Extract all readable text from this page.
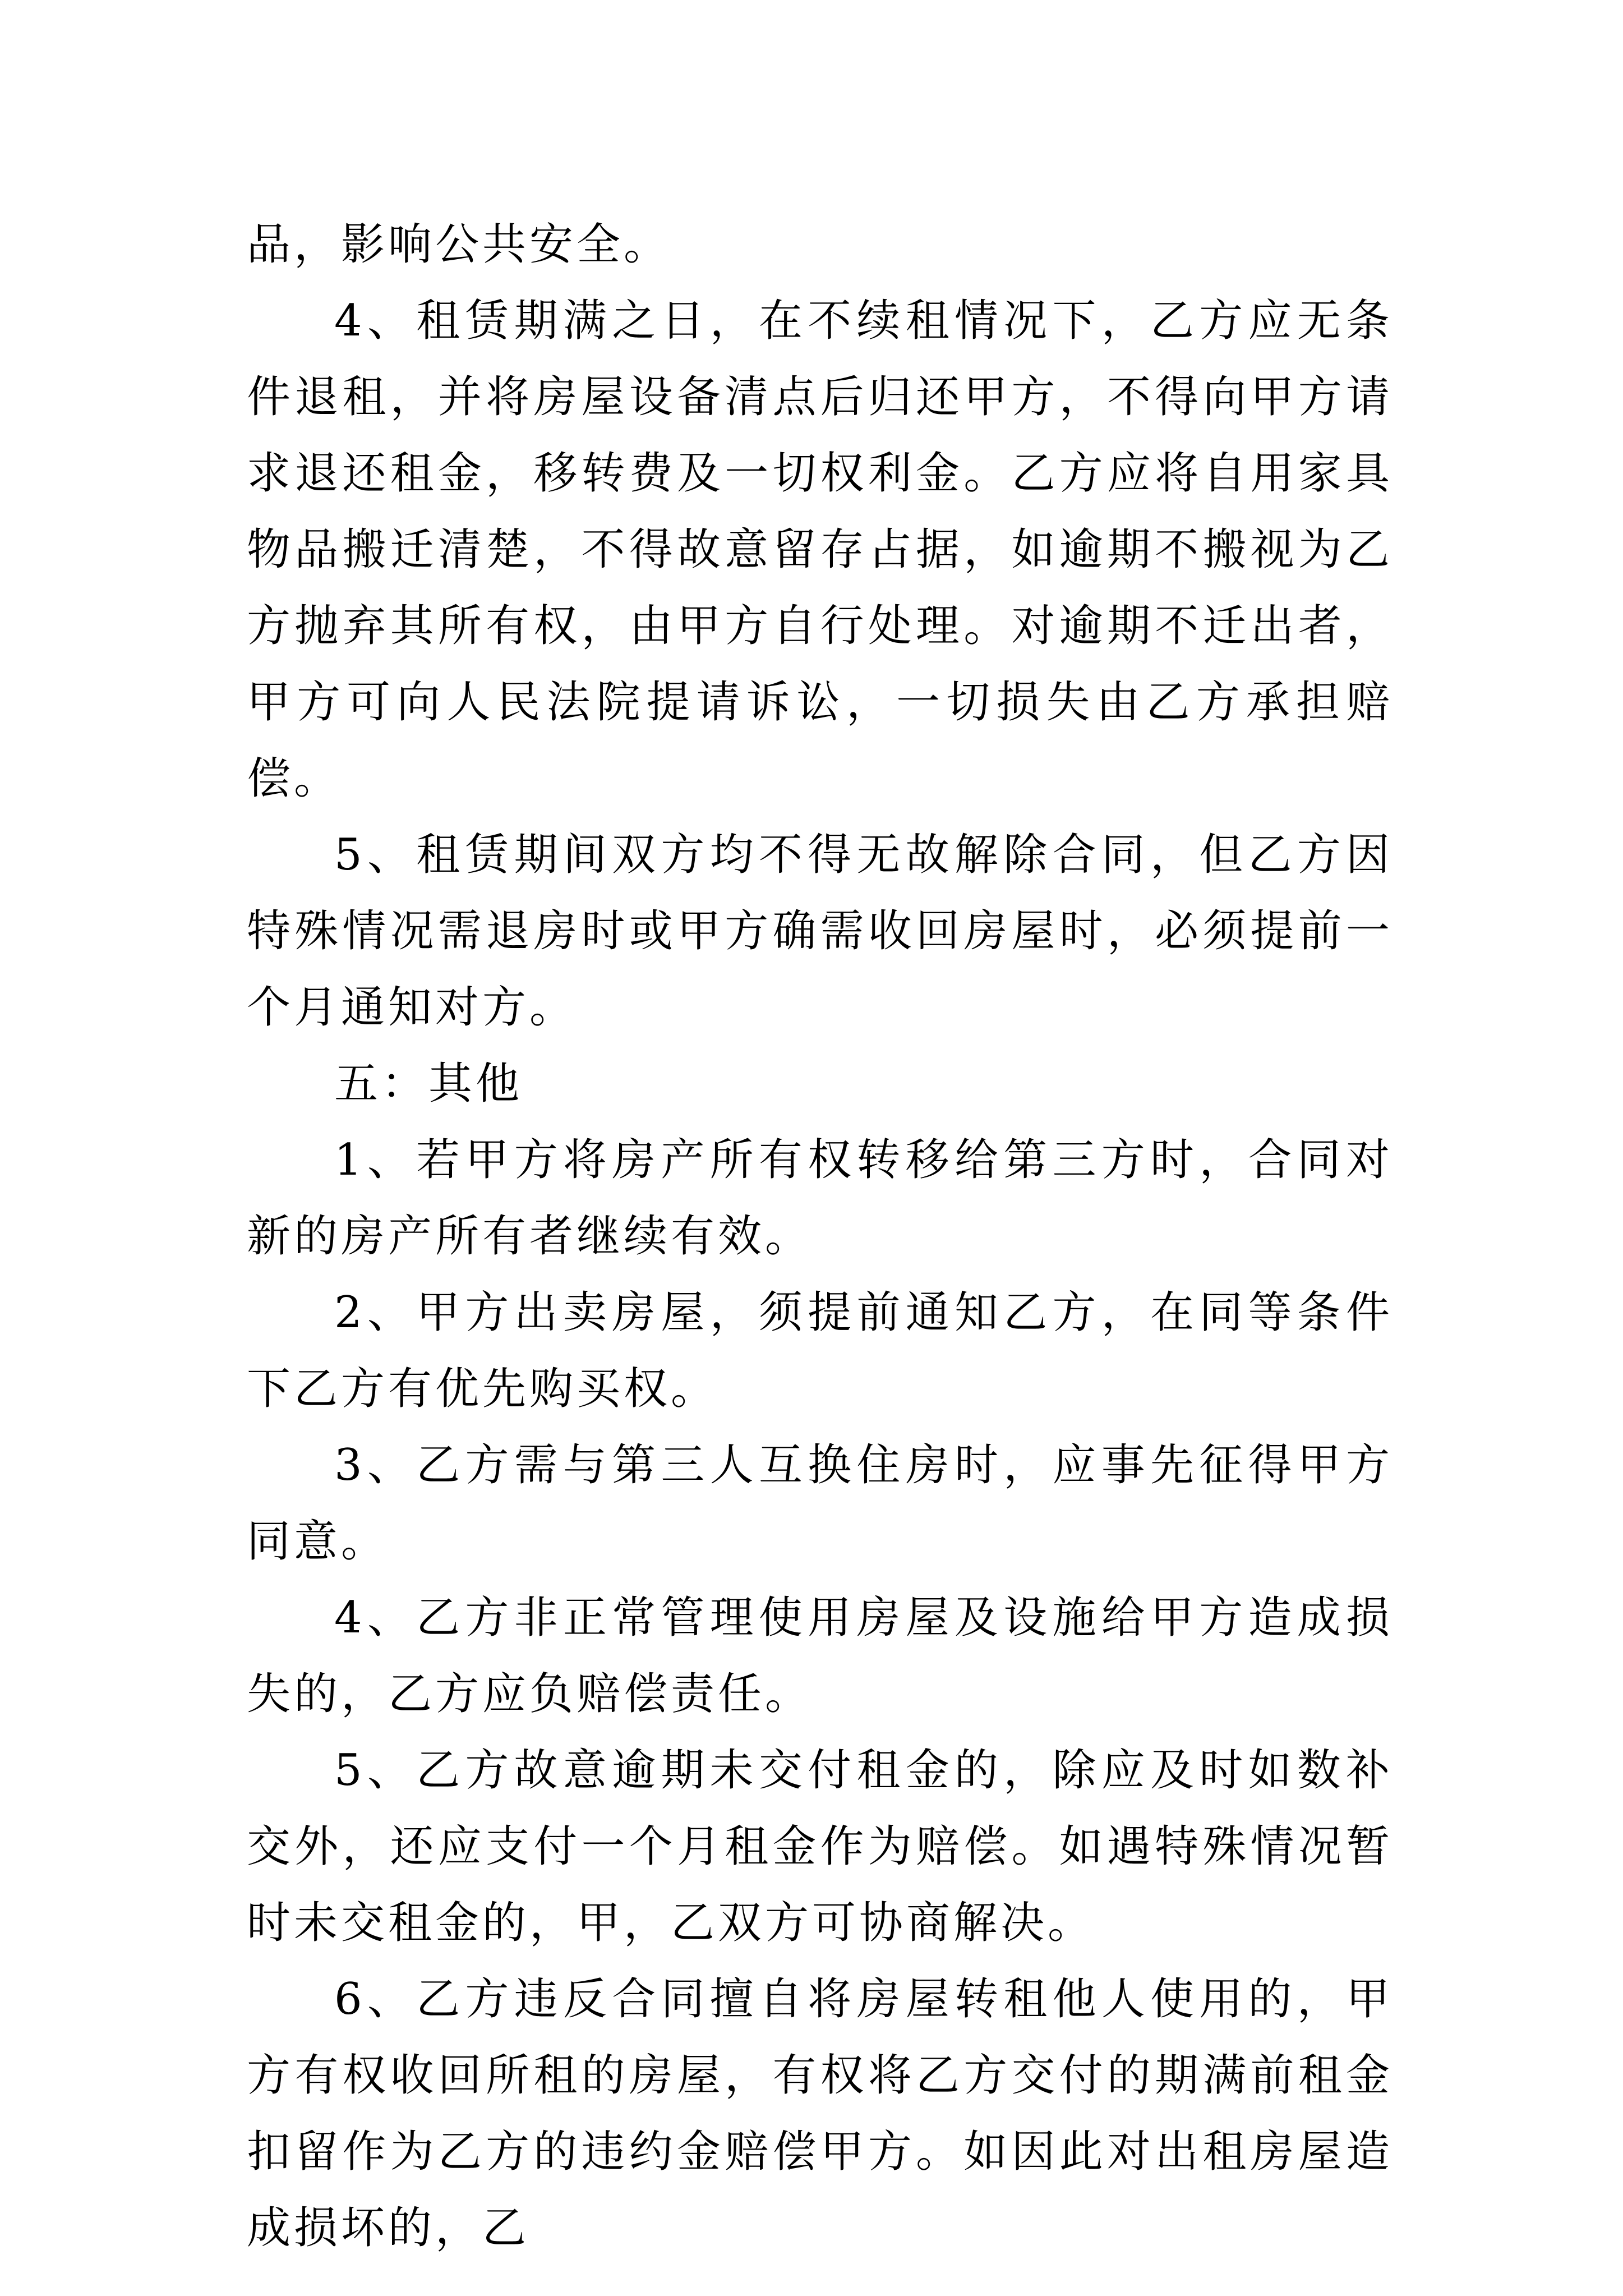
品，影响公共安全。

4、租赁期满之日，在不续租情况下，乙方应无条件退租，并将房屋设备清点后归还甲方，不得向甲方请求退还租金，移转费及一切权利金。乙方应将自用家具物品搬迁清楚，不得故意留存占据，如逾期不搬视为乙方抛弃其所有权，由甲方自行处理。对逾期不迁出者，甲方可向人民法院提请诉讼，一切损失由乙方承担赔偿。

5、租赁期间双方均不得无故解除合同，但乙方因特殊情况需退房时或甲方确需收回房屋时，必须提前一个月通知对方。

五：其他

1、若甲方将房产所有权转移给第三方时，合同对新的房产所有者继续有效。

2、甲方出卖房屋，须提前通知乙方，在同等条件下乙方有优先购买权。

3、乙方需与第三人互换住房时，应事先征得甲方同意。

4、乙方非正常管理使用房屋及设施给甲方造成损失的，乙方应负赔偿责任。

5、乙方故意逾期未交付租金的，除应及时如数补交外，还应支付一个月租金作为赔偿。如遇特殊情况暂时未交租金的，甲，乙双方可协商解决。

6、乙方违反合同擅自将房屋转租他人使用的，甲方有权收回所租的房屋，有权将乙方交付的期满前租金扣留作为乙方的违约金赔偿甲方。如因此对出租房屋造成损坏的，乙
